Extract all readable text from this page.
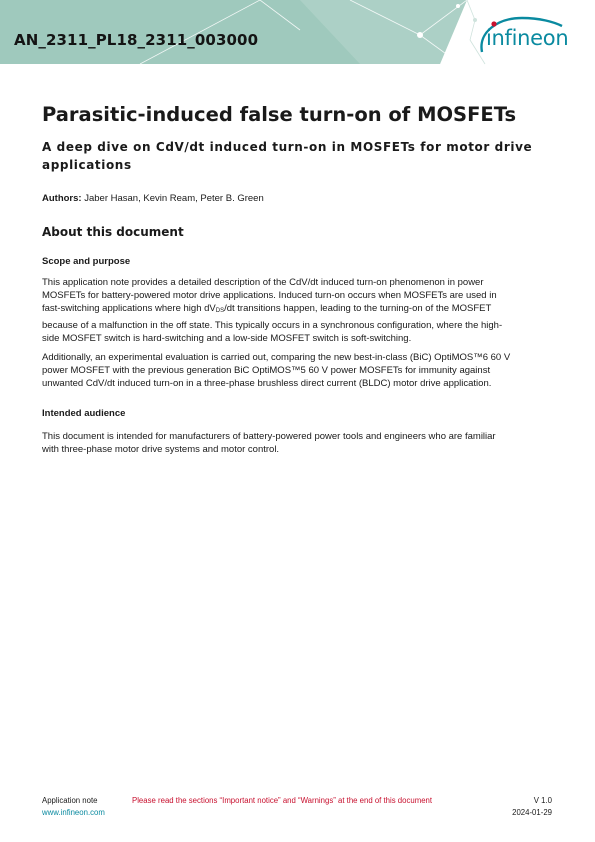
AN_2311_PL18_2311_003000	infineon
Parasitic-induced false turn-on of MOSFETs
A deep dive on CdV/dt induced turn-on in MOSFETs for motor drive applications
Authors: Jaber Hasan, Kevin Ream, Peter B. Green
About this document
Scope and purpose

This application note provides a detailed description of the CdV/dt induced turn-on phenomenon in power
MOSFETs for battery-powered motor drive applications. Induced turn-on occurs when MOSFETs are used in
fast-switching applications where high $dV_{DS}/dt$ transitions happen, leading to the turning-on of the MOSFET
because of a malfunction in the off state. This typically occurs in a synchronous configuration, where the high-
side MOSFET switch is hard-switching and a low-side MOSFET switch is soft-switching.

Additionally, an experimental evaluation is carried out, comparing the new best-in-class (BiC) OptiMOS™6 60 V
power MOSFET with the previous generation BiC OptiMOS™5 60 V power MOSFETs for immunity against
unwanted CdV/dt induced turn-on in a three-phase brushless direct current (BLDC) motor drive application.

Intended audience

This document is intended for manufacturers of battery-powered power tools and engineers who are familiar
with three-phase motor drive systems and motor control.

Application note
www.infineon.com
Please read the sections “Important notice” and “Warnings” at the end of this document	V 1.0
2024-01-29
